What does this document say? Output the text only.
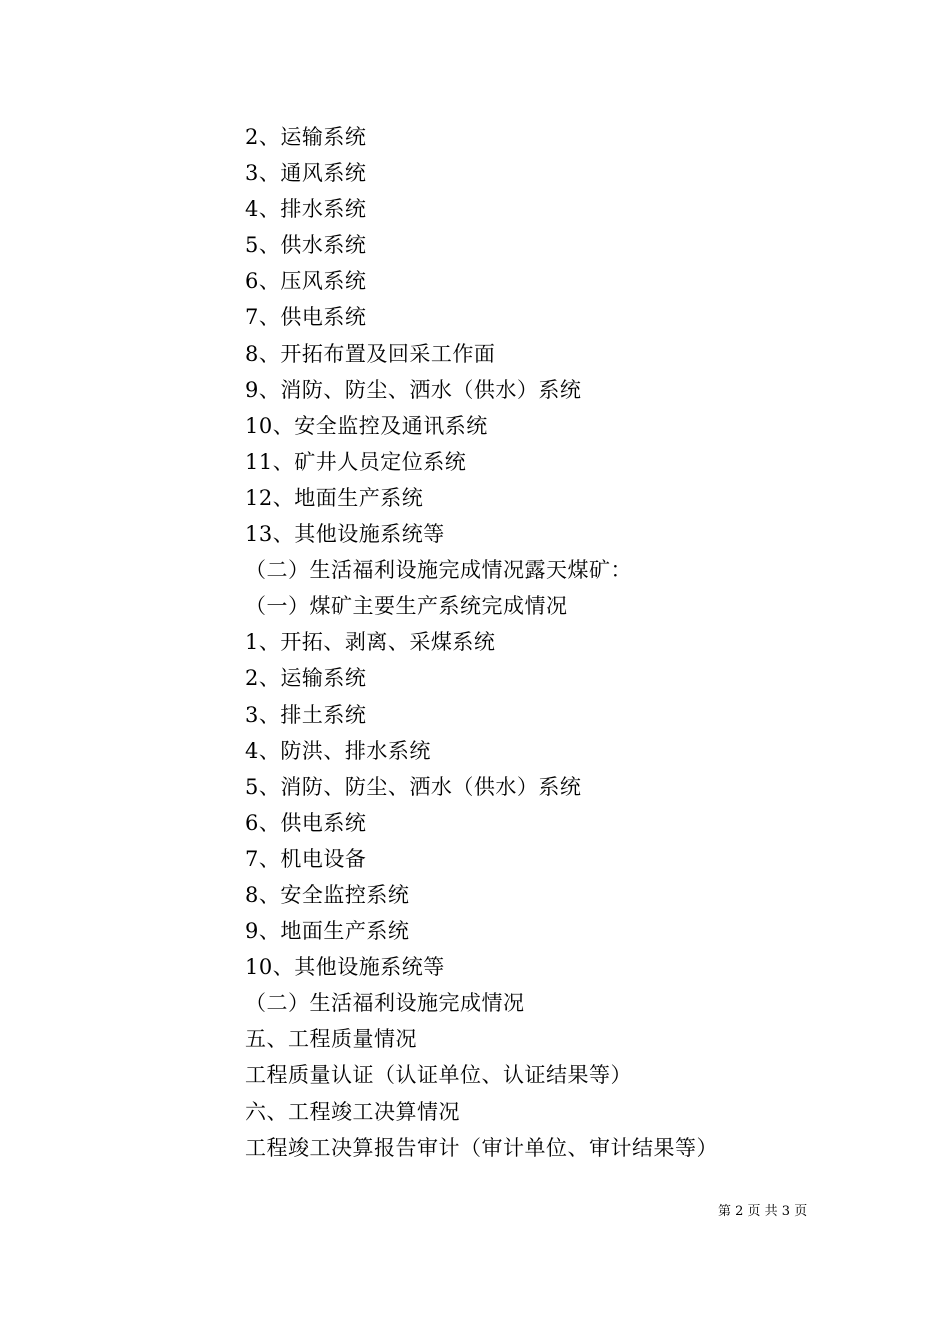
2、运输系统
3、通风系统
4、排水系统
5、供水系统
6、压风系统
7、供电系统
8、开拓布置及回采工作面
9、消防、防尘、洒水（供水）系统
10、安全监控及通讯系统
11、矿井人员定位系统
12、地面生产系统
13、其他设施系统等
（二）生活福利设施完成情况露天煤矿：
（一）煤矿主要生产系统完成情况
1、开拓、剥离、采煤系统
2、运输系统
3、排土系统
4、防洪、排水系统
5、消防、防尘、洒水（供水）系统
6、供电系统
7、机电设备
8、安全监控系统
9、地面生产系统
10、其他设施系统等
（二）生活福利设施完成情况
五、工程质量情况
工程质量认证（认证单位、认证结果等）
六、工程竣工决算情况
工程竣工决算报告审计（审计单位、审计结果等）
第 2 页 共 3 页
